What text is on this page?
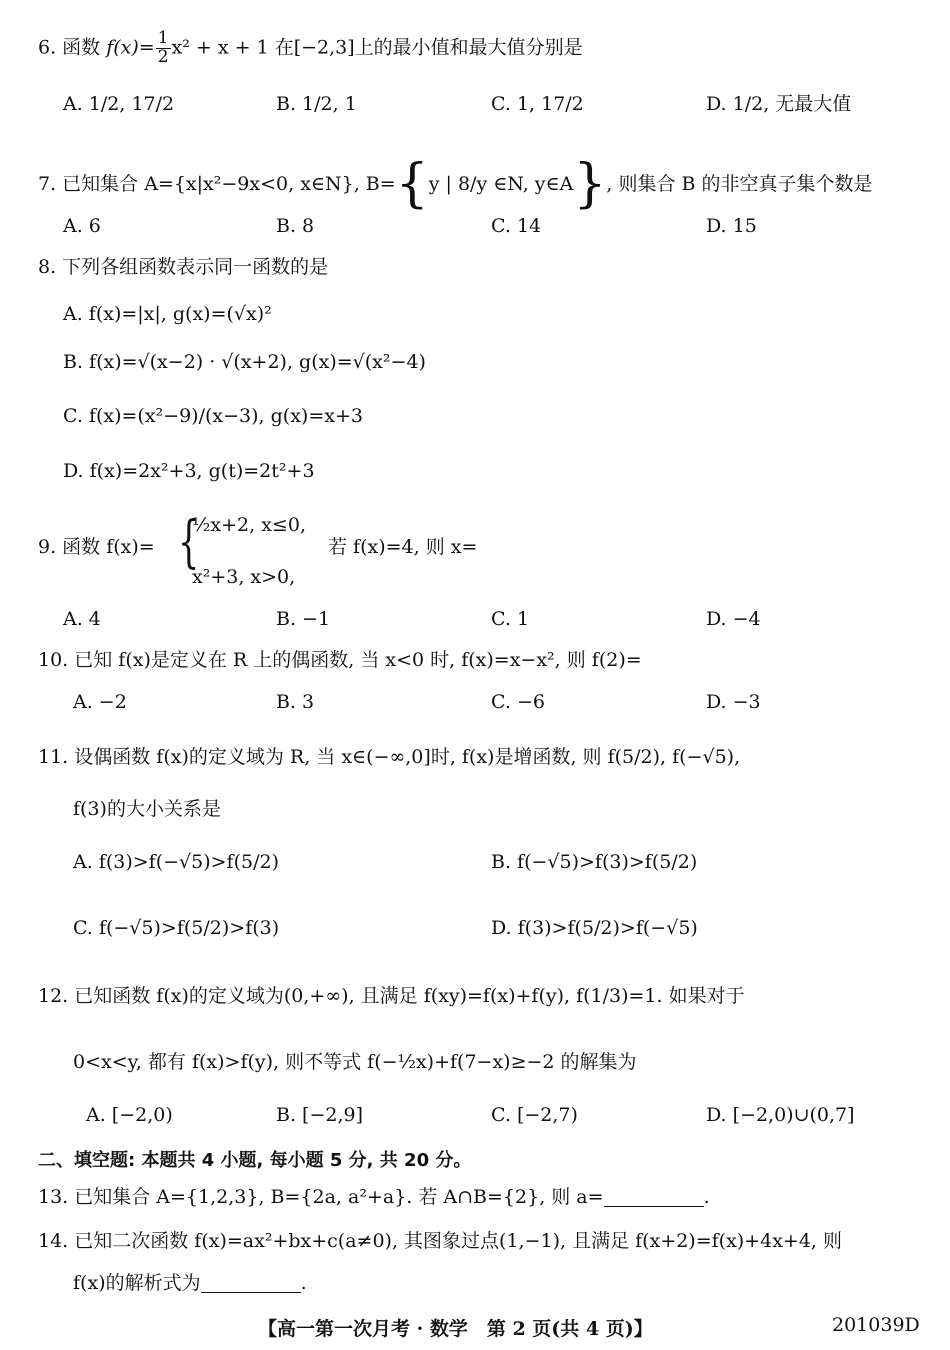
6. 函数 $f(x)= \frac{1}{2} x^2 + x + 1$ 在[−2,3]上的最小值和最大值分别是
A. 1/2, 17/2	B. 1/2, 1	C. 1, 17/2	D. 1/2, 无最大值
7. 已知集合 A={x|x²−9x<0, x∈N}, B={y | 8/y ∈N, y∈A}, 则集合 B 的非空真子集个数是
A. 6	B. 8	C. 14	D. 15
8. 下列各组函数表示同一函数的是
A. f(x)=|x|, g(x)=(√x)²
B. f(x)=√(x−2) · √(x+2), g(x)=√(x²−4)
C. f(x)=(x²−9)/(x−3), g(x)=x+3
D. f(x)=2x²+3, g(t)=2t²+3
9. 函数 f(x)= {
½x+2, x≤0,
x²+3, x>0,
若 f(x)=4, 则 x=
A. 4	B. −1	C. 1	D. −4
10. 已知 f(x)是定义在 R 上的偶函数, 当 x<0 时, f(x)=x−x², 则 f(2)=
A. −2	B. 3	C. −6	D. −3
11. 设偶函数 f(x)的定义域为 R, 当 x∈(−∞,0]时, f(x)是增函数, 则 f(5/2), f(−√5),
f(3)的大小关系是
A. f(3)>f(−√5)>f(5/2)	B. f(−√5)>f(3)>f(5/2)
C. f(−√5)>f(5/2)>f(3)	D. f(3)>f(5/2)>f(−√5)
12. 已知函数 f(x)的定义域为(0,+∞), 且满足 f(xy)=f(x)+f(y), f(1/3)=1. 如果对于
0<x<y, 都有 f(x)>f(y), 则不等式 f(−½x)+f(7−x)≥−2 的解集为
A. [−2,0)	B. [−2,9]	C. [−2,7)	D. [−2,0)∪(0,7]
二、填空题: 本题共 4 小题, 每小题 5 分, 共 20 分。
13. 已知集合 A={1,2,3}, B={2a, a²+a}. 若 A∩B={2}, 则 a=	.
14. 已知二次函数 f(x)=ax²+bx+c(a≠0), 其图象过点(1,−1), 且满足 f(x+2)=f(x)+4x+4, 则
f(x)的解析式为	.
【高一第一次月考 · 数学　第 2 页(共 4 页)】	201039D
